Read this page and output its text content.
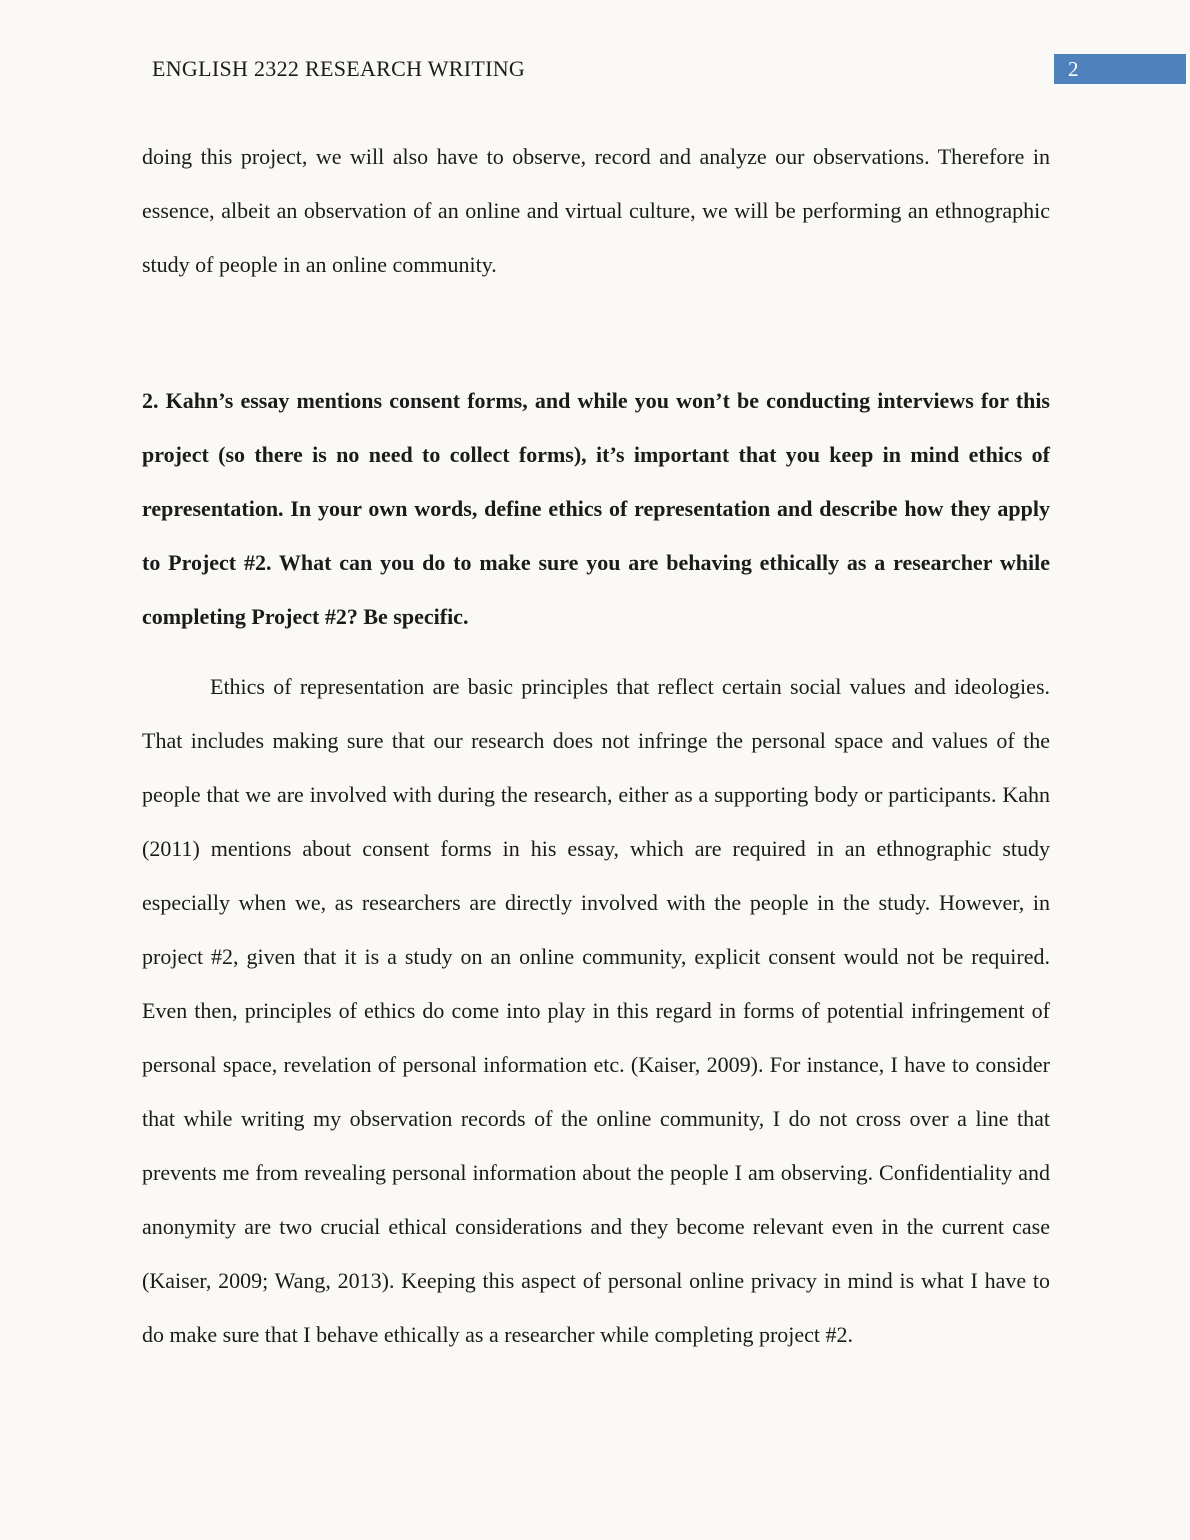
ENGLISH 2322 RESEARCH WRITING	2

doing this project, we will also have to observe, record and analyze our observations. Therefore in essence, albeit an observation of an online and virtual culture, we will be performing an ethnographic study of people in an online community.

2. Kahn’s essay mentions consent forms, and while you won’t be conducting interviews for this project (so there is no need to collect forms), it’s important that you keep in mind ethics of representation. In your own words, define ethics of representation and describe how they apply to Project #2. What can you do to make sure you are behaving ethically as a researcher while completing Project #2? Be specific.

Ethics of representation are basic principles that reflect certain social values and ideologies. That includes making sure that our research does not infringe the personal space and values of the people that we are involved with during the research, either as a supporting body or participants. Kahn (2011) mentions about consent forms in his essay, which are required in an ethnographic study especially when we, as researchers are directly involved with the people in the study. However, in project #2, given that it is a study on an online community, explicit consent would not be required. Even then, principles of ethics do come into play in this regard in forms of potential infringement of personal space, revelation of personal information etc. (Kaiser, 2009). For instance, I have to consider that while writing my observation records of the online community, I do not cross over a line that prevents me from revealing personal information about the people I am observing. Confidentiality and anonymity are two crucial ethical considerations and they become relevant even in the current case (Kaiser, 2009; Wang, 2013). Keeping this aspect of personal online privacy in mind is what I have to do make sure that I behave ethically as a researcher while completing project #2.
